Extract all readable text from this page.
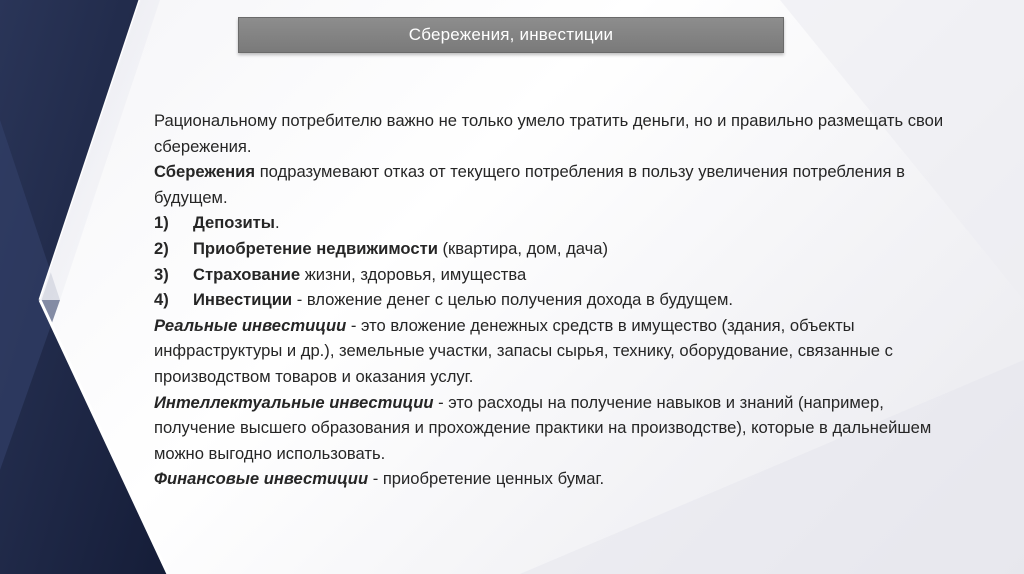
Сбережения, инвестиции

Рациональному потребителю важно не только умело тратить деньги, но и правильно размещать свои сбережения.

Сбережения подразумевают отказ от текущего потребления в пользу увеличения потребления в будущем.

1)	Депозиты.
2)	Приобретение недвижимости (квартира, дом, дача)
3)	Страхование жизни, здоровья, имущества
4)	Инвестиции - вложение денег с целью получения дохода в будущем.

Реальные инвестиции - это вложение денежных средств в имущество (здания, объекты инфраструктуры и др.), земельные участки, запасы сырья, технику, оборудование, связанные с производством товаров и оказания услуг.

Интеллектуальные инвестиции - это расходы на получение навыков и знаний (например, получение высшего образования и прохождение практики на производстве), которые в дальнейшем можно выгодно использовать.

Финансовые инвестиции - приобретение ценных бумаг.
